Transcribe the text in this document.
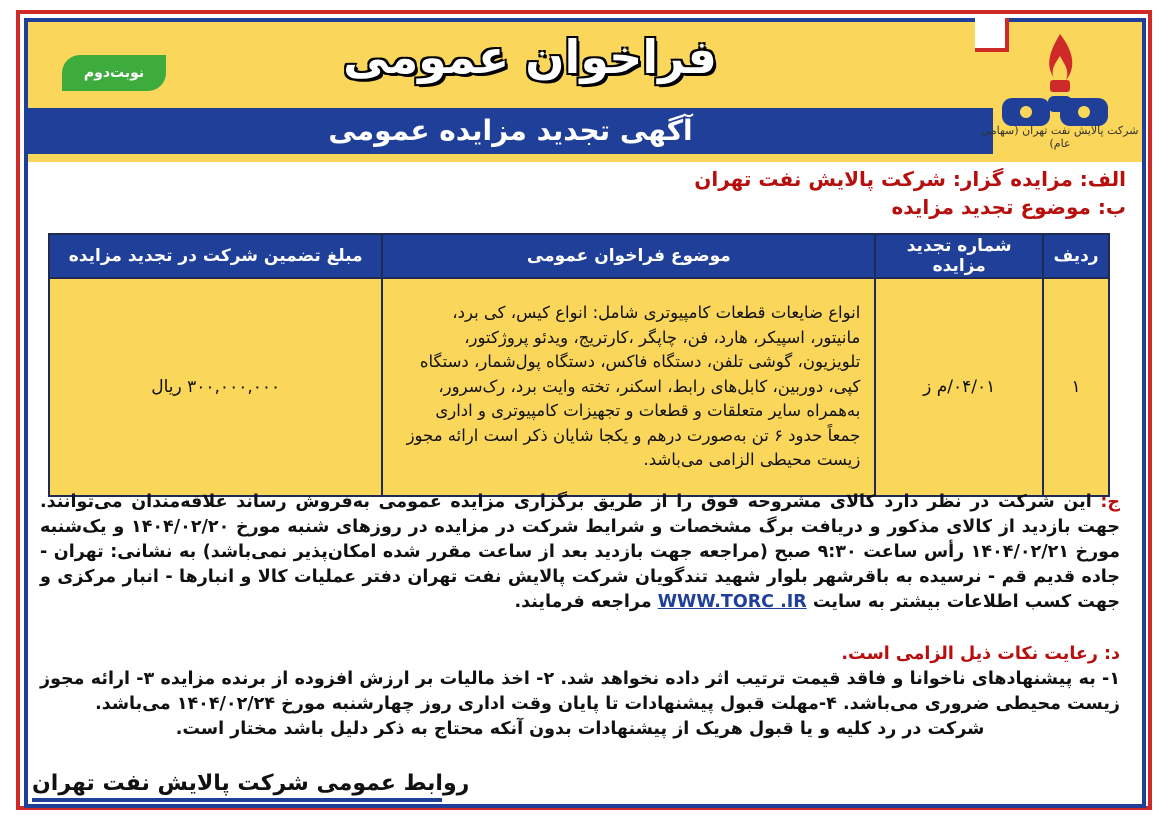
نوبت‌دوم	فراخوان عمومی
آگهی تجدید مزایده عمومی	شرکت پالایش نفت تهران (سهامی عام)
الف: مزایده گزار: شرکت پالایش نفت تهران
ب: موضوع تجدید مزایده
ردیف	شماره تجدید مزایده	موضوع فراخوان عمومی	مبلغ تضمین شرکت در تجدید مزایده
۱	۰۴/۰۱/م ز	انواع ضایعات قطعات کامپیوتری شامل: انواع کیس، کی برد، مانیتور، اسپیکر، هارد، فن، چاپگر ،کارتریج، ویدئو پروژکتور، تلویزیون، گوشی تلفن، دستگاه فاکس، دستگاه پول‌شمار، دستگاه کپی، دوربین، کابل‌های رابط، اسکنر، تخته وایت برد، رک‌سرور، به‌همراه سایر متعلقات و قطعات و تجهیزات کامپیوتری و اداری جمعاً حدود ۶ تن به‌صورت درهم و یکجا شایان ذکر است ارائه مجوز زیست محیطی الزامی می‌باشد.	۳۰۰,۰۰۰,۰۰۰ ریال
ج: این شرکت در نظر دارد کالای مشروحه فوق را از طریق برگزاری مزایده عمومی به‌فروش رساند علاقه‌مندان می‌توانند. جهت بازدید از کالای مذکور و دریافت برگ مشخصات و شرایط شرکت در مزایده در روزهای شنبه مورخ ۱۴۰۴/۰۲/۲۰ و یک‌شنبه مورخ ۱۴۰۴/۰۲/۲۱ رأس ساعت ۹:۳۰ صبح (مراجعه جهت بازدید بعد از ساعت مقرر شده امکان‌پذیر نمی‌باشد) به نشانی: تهران - جاده قدیم قم - نرسیده به باقرشهر بلوار شهید تندگویان شرکت پالایش نفت تهران دفتر عملیات کالا و انبارها - انبار مرکزی و جهت کسب اطلاعات بیشتر به سایت WWW.TORC .IR مراجعه فرمایند.
د: رعایت نکات ذیل الزامی است.
۱- به پیشنهادهای ناخوانا و فاقد قیمت ترتیب اثر داده نخواهد شد. ۲- اخذ مالیات بر ارزش افزوده از برنده مزایده ۳- ارائه مجوز زیست محیطی ضروری می‌باشد. ۴-مهلت قبول پیشنهادات تا پایان وقت اداری روز چهارشنبه مورخ ۱۴۰۴/۰۲/۲۴ می‌باشد.
شرکت در رد کلیه و یا قبول هریک از پیشنهادات بدون آنکه محتاج به ذکر دلیل باشد مختار است.
روابط عمومی شرکت پالایش نفت تهران
